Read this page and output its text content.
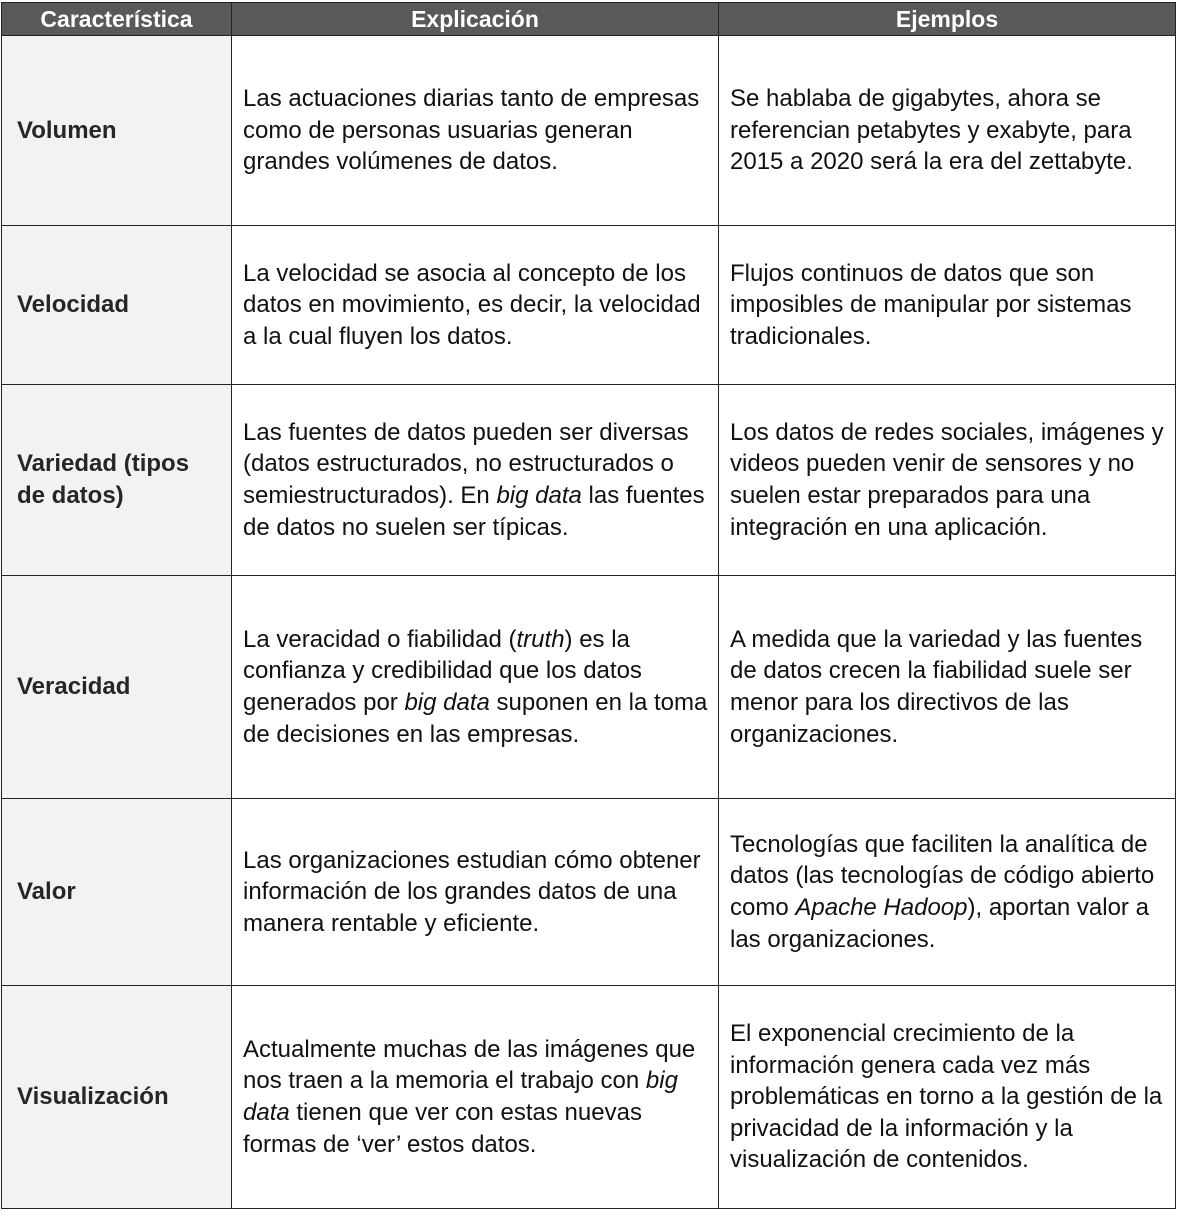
Característica	Explicación	Ejemplos
Volumen	Las actuaciones diarias tanto de empresas como de personas usuarias generan grandes volúmenes de datos.	Se hablaba de gigabytes, ahora se referencian petabytes y exabyte, para 2015 a 2020 será la era del zettabyte.
Velocidad	La velocidad se asocia al concepto de los datos en movimiento, es decir, la velocidad a la cual fluyen los datos.	Flujos continuos de datos que son imposibles de manipular por sistemas tradicionales.
Variedad (tipos de datos)	Las fuentes de datos pueden ser diversas (datos estructurados, no estructurados o semiestructurados). En big data las fuentes de datos no suelen ser típicas.	Los datos de redes sociales, imágenes y videos pueden venir de sensores y no suelen estar preparados para una integración en una aplicación.
Veracidad	La veracidad o fiabilidad (truth) es la confianza y credibilidad que los datos generados por big data suponen en la toma de decisiones en las empresas.	A medida que la variedad y las fuentes de datos crecen la fiabilidad suele ser menor para los directivos de las organizaciones.
Valor	Las organizaciones estudian cómo obtener información de los grandes datos de una manera rentable y eficiente.	Tecnologías que faciliten la analítica de datos (las tecnologías de código abierto como Apache Hadoop), aportan valor a las organizaciones.
Visualización	Actualmente muchas de las imágenes que nos traen a la memoria el trabajo con big data tienen que ver con estas nuevas formas de ‘ver’ estos datos.	El exponencial crecimiento de la información genera cada vez más problemáticas en torno a la gestión de la privacidad de la información y la visualización de contenidos.
